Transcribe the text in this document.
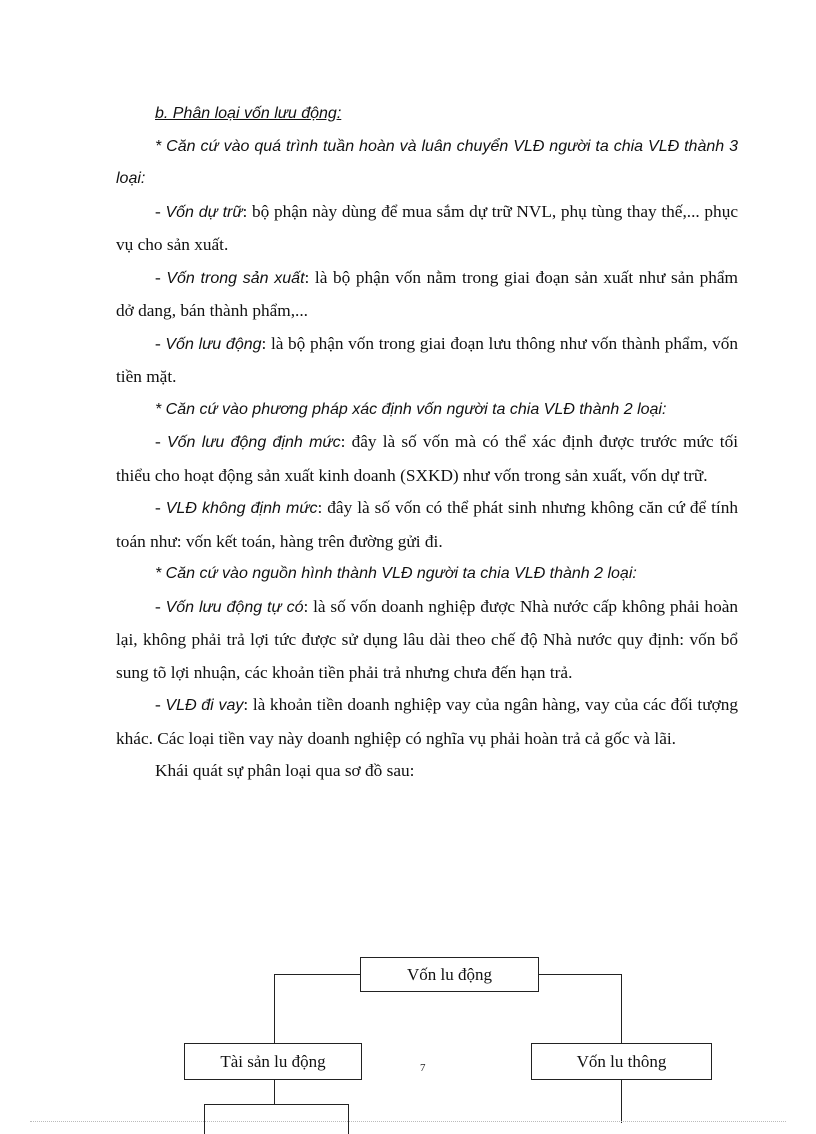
b. Phân loại vốn lưu động:

* Căn cứ vào quá trình tuần hoàn và luân chuyển VLĐ người ta chia VLĐ thành 3 loại:

- Vốn dự trữ: bộ phận này dùng để mua sắm dự trữ NVL, phụ tùng thay thế,... phục vụ cho sản xuất.

- Vốn trong sản xuất: là bộ phận vốn nằm trong giai đoạn sản xuất như sản phẩm dở dang, bán thành phẩm,...

- Vốn lưu động: là bộ phận vốn trong giai đoạn lưu thông như vốn thành phẩm, vốn tiền mặt.

* Căn cứ vào phương pháp xác định vốn người ta chia VLĐ thành 2 loại:

- Vốn lưu động định mức: đây là số vốn mà có thể xác định được trước mức tối thiểu cho hoạt động sản xuất kinh doanh (SXKD) như vốn trong sản xuất, vốn dự trữ.

- VLĐ không định mức: đây là số vốn có thể phát sinh nhưng không căn cứ để tính toán như: vốn kết toán, hàng trên đường gửi đi.

* Căn cứ vào nguồn hình thành VLĐ người ta chia VLĐ thành 2 loại:

- Vốn lưu động tự có: là số vốn doanh nghiệp được Nhà nước cấp không phải hoàn lại, không phải trả lợi tức được sử dụng lâu dài theo chế độ Nhà nước quy định: vốn bổ sung tõ lợi nhuận, các khoản tiền phải trả nhưng chưa đến hạn trả.

- VLĐ đi vay: là khoản tiền doanh nghiệp vay của ngân hàng, vay của các đối tượng khác. Các loại tiền vay này doanh nghiệp có nghĩa vụ phải hoàn trả cả gốc và lãi.

Khái quát sự phân loại qua sơ đồ sau:

Vốn lu động
Tài sản lu động	Vốn lu thông
7
